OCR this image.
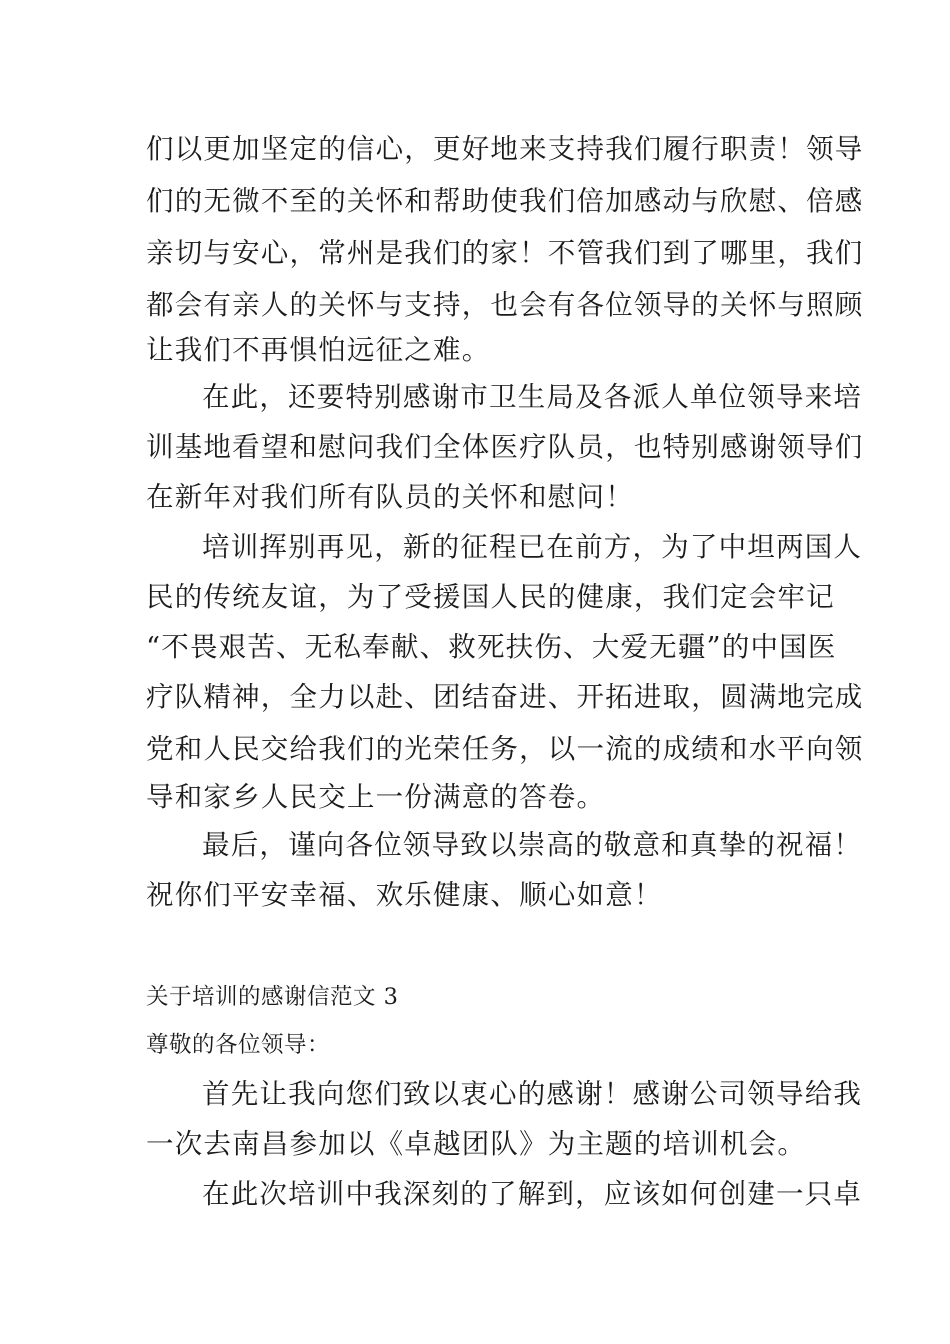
们以更加坚定的信心，更好地来支持我们履行职责！领导
们的无微不至的关怀和帮助使我们倍加感动与欣慰、倍感
亲切与安心，常州是我们的家！不管我们到了哪里，我们
都会有亲人的关怀与支持，也会有各位领导的关怀与照顾
让我们不再惧怕远征之难。
在此，还要特别感谢市卫生局及各派人单位领导来培
训基地看望和慰问我们全体医疗队员，也特别感谢领导们
在新年对我们所有队员的关怀和慰问！
培训挥别再见，新的征程已在前方，为了中坦两国人
民的传统友谊，为了受援国人民的健康，我们定会牢记
“不畏艰苦、无私奉献、救死扶伤、大爱无疆”的中国医
疗队精神，全力以赴、团结奋进、开拓进取，圆满地完成
党和人民交给我们的光荣任务，以一流的成绩和水平向领
导和家乡人民交上一份满意的答卷。
最后，谨向各位领导致以崇高的敬意和真挚的祝福！
祝你们平安幸福、欢乐健康、顺心如意！
关于培训的感谢信范文 3
尊敬的各位领导：
首先让我向您们致以衷心的感谢！感谢公司领导给我
一次去南昌参加以《卓越团队》为主题的培训机会。
在此次培训中我深刻的了解到，应该如何创建一只卓
